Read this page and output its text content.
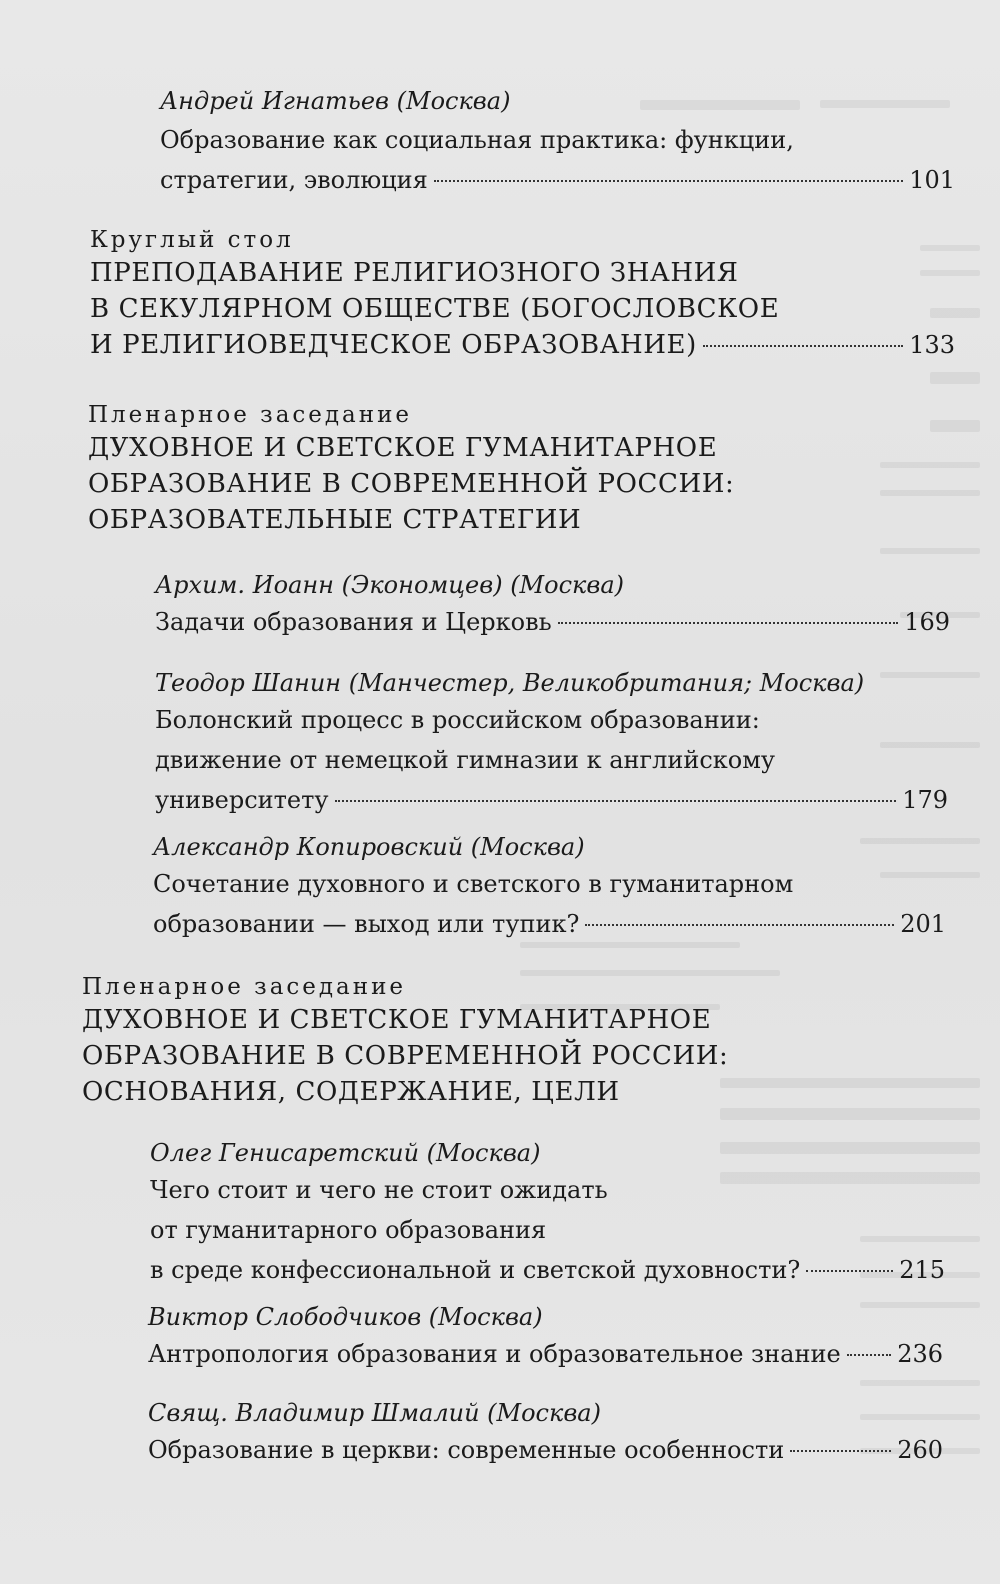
Андрей Игнатьев (Москва)
Образование как социальная практика: функции,
стратегии, эволюция	101
Круглый стол
ПРЕПОДАВАНИЕ РЕЛИГИОЗНОГО ЗНАНИЯ
В СЕКУЛЯРНОМ ОБЩЕСТВЕ (БОГОСЛОВСКОЕ
И РЕЛИГИОВЕДЧЕСКОЕ ОБРАЗОВАНИЕ)	133
Пленарное заседание
ДУХОВНОЕ И СВЕТСКОЕ ГУМАНИТАРНОЕ
ОБРАЗОВАНИЕ В СОВРЕМЕННОЙ РОССИИ:
ОБРАЗОВАТЕЛЬНЫЕ СТРАТЕГИИ
Архим. Иоанн (Экономцев) (Москва)
Задачи образования и Церковь	169
Теодор Шанин (Манчестер, Великобритания; Москва)
Болонский процесс в российском образовании:
движение от немецкой гимназии к английскому
университету	179
Александр Копировский (Москва)
Сочетание духовного и светского в гуманитарном
образовании — выход или тупик?	201
Пленарное заседание
ДУХОВНОЕ И СВЕТСКОЕ ГУМАНИТАРНОЕ
ОБРАЗОВАНИЕ В СОВРЕМЕННОЙ РОССИИ:
ОСНОВАНИЯ, СОДЕРЖАНИЕ, ЦЕЛИ
Олег Генисаретский (Москва)
Чего стоит и чего не стоит ожидать
от гуманитарного образования
в среде конфессиональной и светской духовности?	215
Виктор Слободчиков (Москва)
Антропология образования и образовательное знание 236
Свящ. Владимир Шмалий (Москва)
Образование в церкви: современные особенности	260
